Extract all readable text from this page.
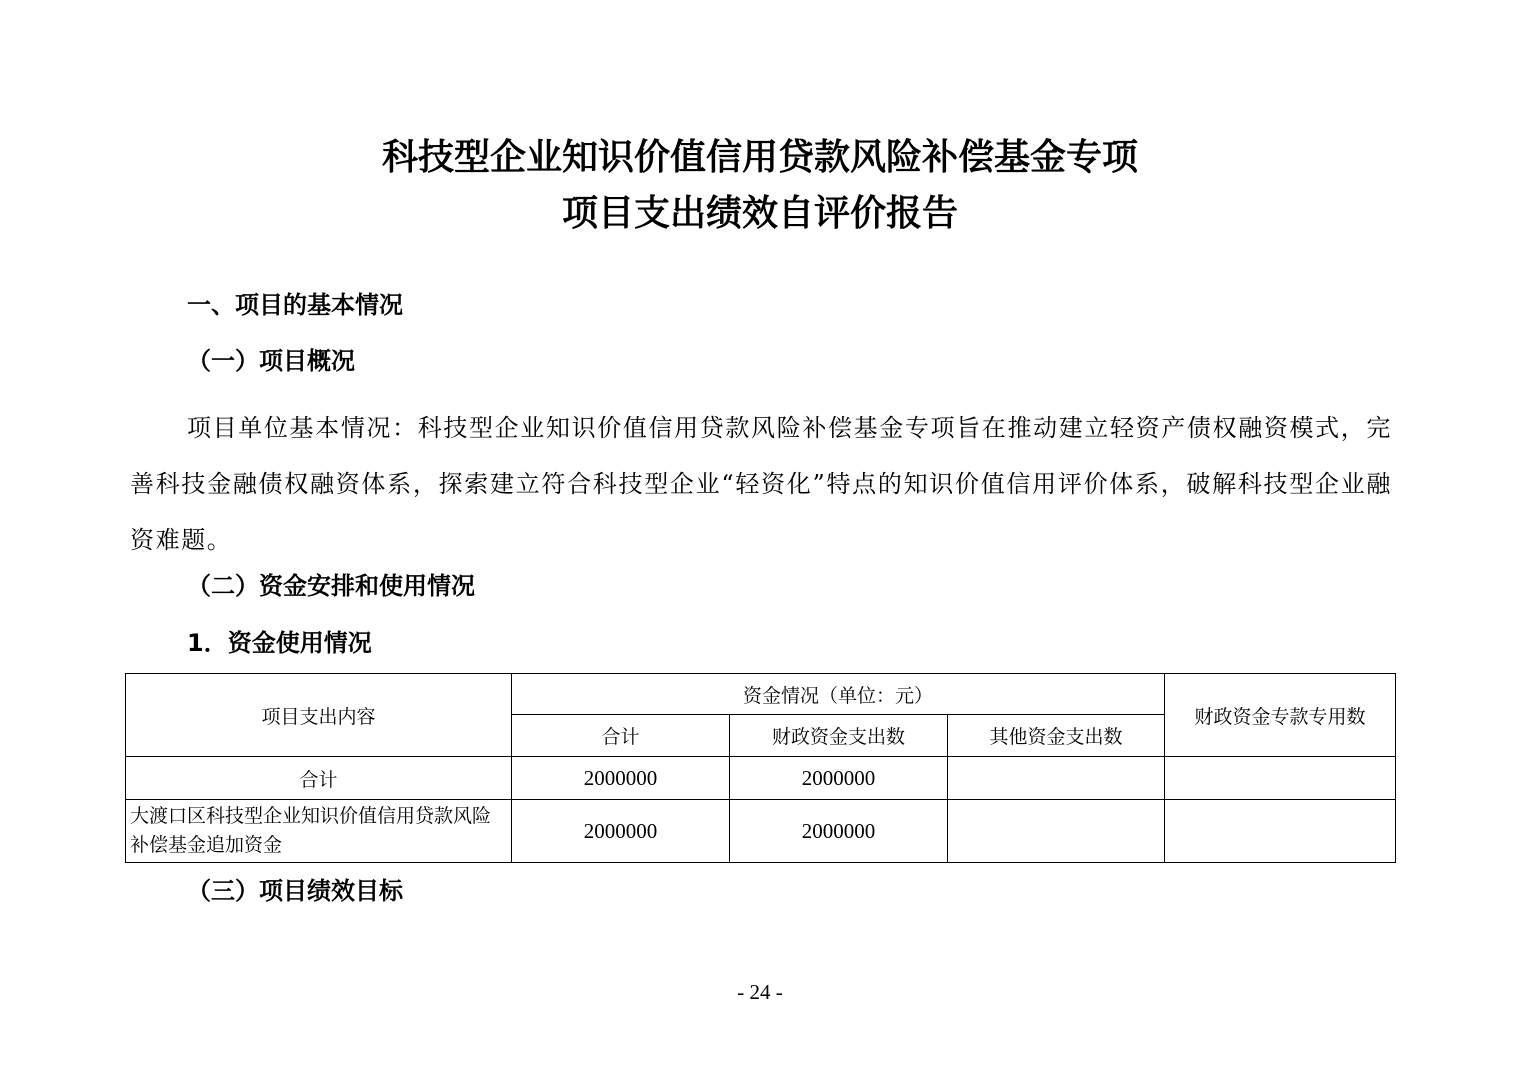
科技型企业知识价值信用贷款风险补偿基金专项
项目支出绩效自评价报告
一、项目的基本情况
（一）项目概况
项目单位基本情况：科技型企业知识价值信用贷款风险补偿基金专项旨在推动建立轻资产债权融资模式，完善科技金融债权融资体系，探索建立符合科技型企业“轻资化”特点的知识价值信用评价体系，破解科技型企业融资难题。
（二）资金安排和使用情况
1．资金使用情况
项目支出内容	资金情况（单位：元）			财政资金专款专用数
	合计	财政资金支出数	其他资金支出数	
合计	2000000	2000000		
大渡口区科技型企业知识价值信用贷款风险补偿基金追加资金	2000000	2000000		
（三）项目绩效目标
- 24 -
